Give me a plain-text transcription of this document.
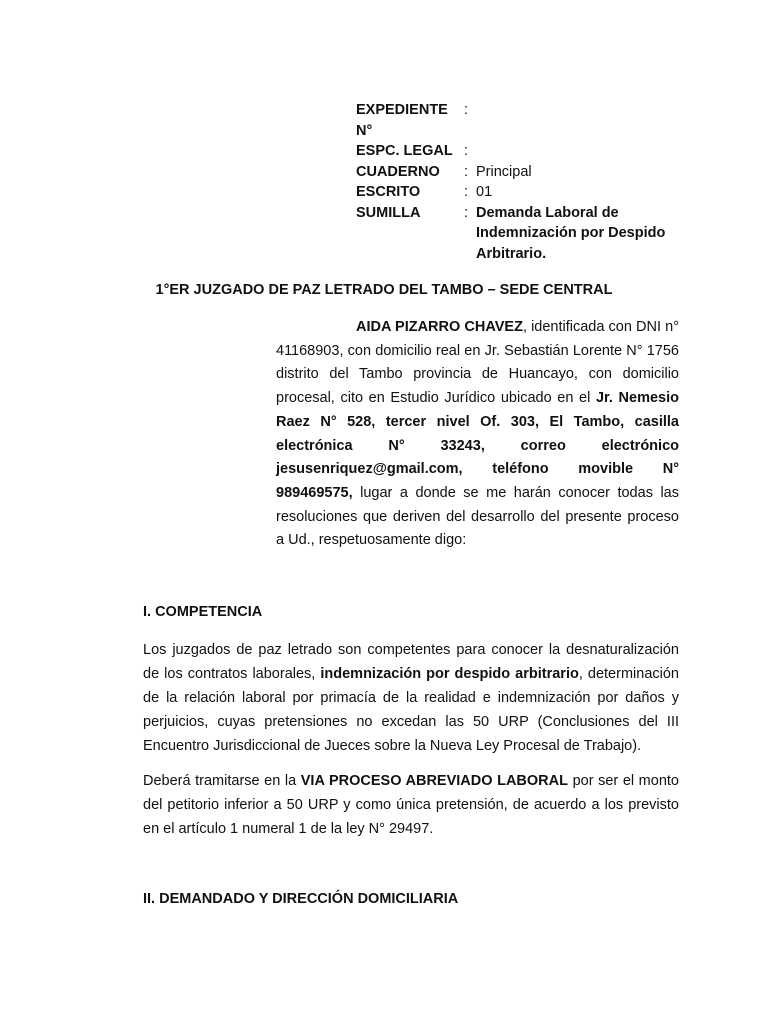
EXPEDIENTE N°
:
ESPC. LEGAL :
CUADERNO	: Principal
ESCRITO	: 01
SUMILLA	: Demanda Laboral de Indemnización por Despido Arbitrario.
1°ER JUZGADO DE PAZ LETRADO DEL TAMBO – SEDE CENTRAL
AIDA PIZARRO CHAVEZ, identificada con DNI n° 41168903, con domicilio real en Jr. Sebastián Lorente N° 1756 distrito del Tambo provincia de Huancayo, con domicilio procesal, cito en Estudio Jurídico ubicado en el Jr. Nemesio Raez N° 528, tercer nivel Of. 303, El Tambo, casilla electrónica N° 33243, correo electrónico jesusenriquez@gmail.com, teléfono movible N° 989469575, lugar a donde se me harán conocer todas las resoluciones que deriven del desarrollo del presente proceso a Ud., respetuosamente digo:
I. COMPETENCIA
Los juzgados de paz letrado son competentes para conocer la desnaturalización de los contratos laborales, indemnización por despido arbitrario, determinación de la relación laboral por primacía de la realidad e indemnización por daños y perjuicios, cuyas pretensiones no excedan las 50 URP (Conclusiones del III Encuentro Jurisdiccional de Jueces sobre la Nueva Ley Procesal de Trabajo).
Deberá tramitarse en la VIA PROCESO ABREVIADO LABORAL por ser el monto del petitorio inferior a 50 URP y como única pretensión, de acuerdo a los previsto en el artículo 1 numeral 1 de la ley N° 29497.
II. DEMANDADO Y DIRECCIÓN DOMICILIARIA
